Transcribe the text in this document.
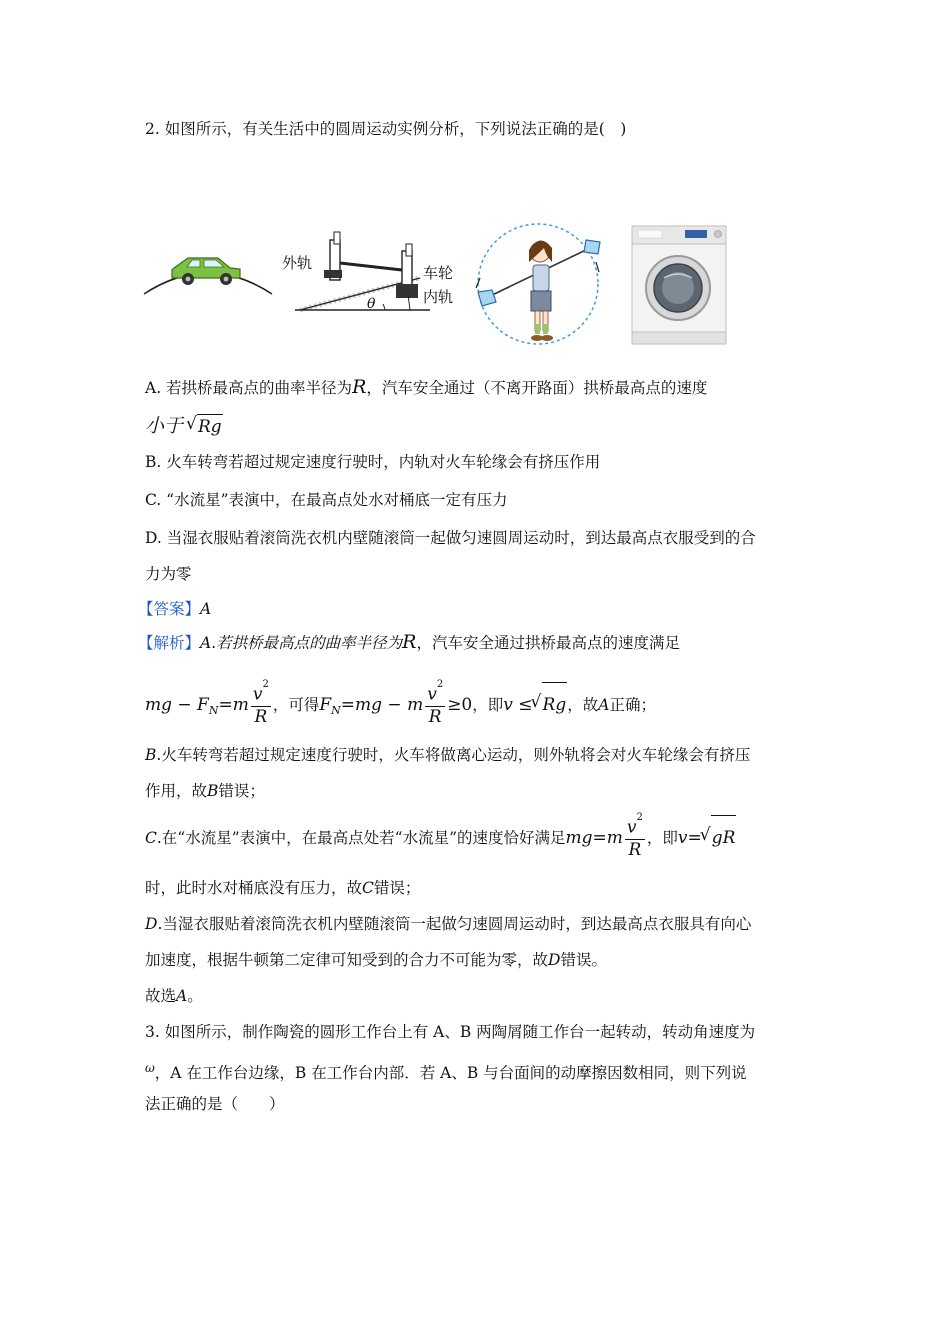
2. 如图所示，有关生活中的圆周运动实例分析，下列说法正确的是(　)
外轨
车轮
内轨
θ
A. 若拱桥最高点的曲率半径为R，汽车安全通过（不离开路面）拱桥最高点的速度
小于 √ Rg
B. 火车转弯若超过规定速度行驶时，内轨对火车轮缘会有挤压作用
C. “水流星”表演中，在最高点处水对桶底一定有压力
D. 当湿衣服贴着滚筒洗衣机内壁随滚筒一起做匀速圆周运动时，到达最高点衣服受到的合
力为零
【答案】A
【解析】A.若拱桥最高点的曲率半径为R，汽车安全通过拱桥最高点的速度满足
mg − $F_N=m \frac{v^2}{R}$ ，可得$F_N=mg - m \frac{v^2}{R} \ge 0$，即v ≤ √ Rg，故A正确；
B.火车转弯若超过规定速度行驶时，火车将做离心运动，则外轨将会对火车轮缘会有挤压
作用，故B错误；
C.在“水流星”表演中，在最高点处若“水流星”的速度恰好满足$mg=m \frac{v^2}{R}$ ，即v= √ gR
时，此时水对桶底没有压力，故C错误；
D.当湿衣服贴着滚筒洗衣机内壁随滚筒一起做匀速圆周运动时，到达最高点衣服具有向心
加速度，根据牛顿第二定律可知受到的合力不可能为零，故D错误。
故选A。
3. 如图所示，制作陶瓷的圆形工作台上有 A、B 两陶屑随工作台一起转动，转动角速度为
$^\omega$，A 在工作台边缘，B 在工作台内部．若 A、B 与台面间的动摩擦因数相同，则下列说
法正确的是（　　）
